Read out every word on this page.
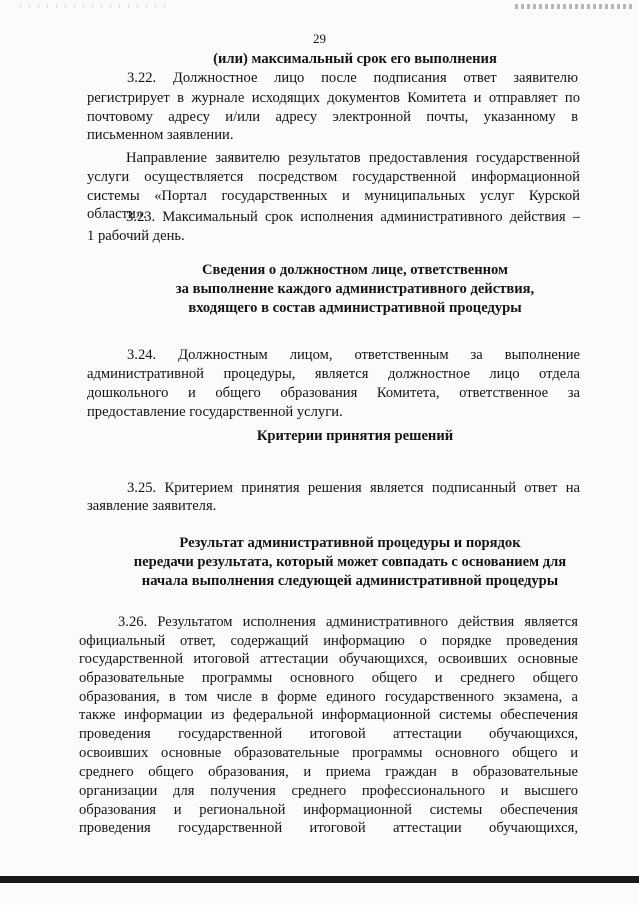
29
(или) максимальный срок его выполнения
3.22. Должностное лицо после подписания ответ заявителю
регистрирует в журнале исходящих документов Комитета и отправляет по
почтовому адресу и/или адресу электронной почты, указанному в
письменном заявлении.
Направление заявителю результатов предоставления государственной
услуги осуществляется посредством государственной информационной
системы «Портал государственных и муниципальных услуг Курской
области».
3.23. Максимальный срок исполнения административного действия –
1 рабочий день.
Сведения о должностном лице, ответственном
за выполнение каждого административного действия,
входящего в состав административной процедуры
3.24. Должностным лицом, ответственным за выполнение
административной процедуры, является должностное лицо отдела
дошкольного и общего образования Комитета, ответственное за
предоставление государственной услуги.
Критерии принятия решений
3.25. Критерием принятия решения является подписанный ответ на
заявление заявителя.
Результат административной процедуры и порядок
передачи результата, который может совпадать с основанием для
начала выполнения следующей административной процедуры
3.26. Результатом исполнения административного действия является
официальный ответ, содержащий информацию о порядке проведения
государственной итоговой аттестации обучающихся, освоивших основные
образовательные программы основного общего и среднего общего
образования, в том числе в форме единого государственного экзамена, а
также информации из федеральной информационной системы обеспечения
проведения государственной итоговой аттестации обучающихся,
освоивших основные образовательные программы основного общего и
среднего общего образования, и приема граждан в образовательные
организации для получения среднего профессионального и высшего
образования и региональной информационной системы обеспечения
проведения государственной итоговой аттестации обучающихся,
